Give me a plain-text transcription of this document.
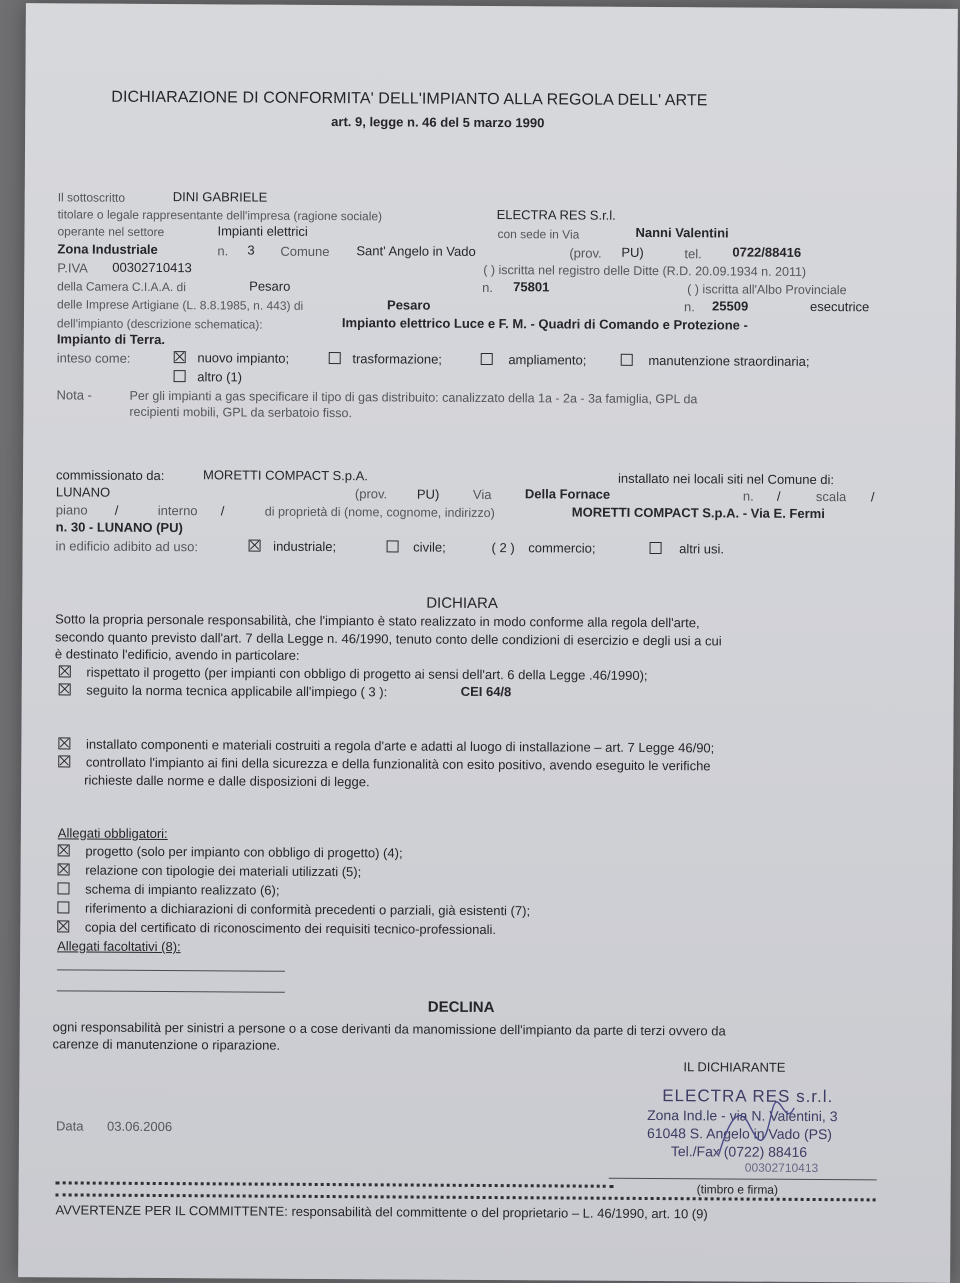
DICHIARAZIONE DI CONFORMITA' DELL'IMPIANTO ALLA REGOLA DELL' ARTE
art. 9, legge n. 46 del 5 marzo 1990
Il sottoscritto	DINI GABRIELE
titolare o legale rappresentante dell'impresa (ragione sociale)	ELECTRA RES S.r.l.
operante nel settore	Impianti elettrici	con sede in Via	Nanni Valentini
Zona Industriale	n. 3 Comune Sant' Angelo in Vado	(prov. PU)	tel. 0722/88416
P.IVA 00302710413	( ) iscritta nel registro delle Ditte (R.D. 20.09.1934 n. 2011)
della Camera C.I.A.A. di	Pesaro	n. 75801	( ) iscritta all'Albo Provinciale
delle Imprese Artigiane (L. 8.8.1985, n. 443) di	Pesaro	n. 25509	esecutrice
dell'impianto (descrizione schematica):	Impianto elettrico Luce e F. M. - Quadri di Comando e Protezione -
Impianto di Terra.
inteso come:	nuovo impianto;	trasformazione;	ampliamento;	manutenzione straordinaria;
altro (1)
Nota -	Per gli impianti a gas specificare il tipo di gas distribuito: canalizzato della 1a - 2a - 3a famiglia, GPL da
recipienti mobili, GPL da serbatoio fisso.
commissionato da:	MORETTI COMPACT S.p.A.	installato nei locali siti nel Comune di:
LUNANO	(prov. PU)	Via	Della Fornace	n. /	scala /
piano /	interno /	di proprietà di (nome, cognome, indirizzo)	MORETTI COMPACT S.p.A. - Via E. Fermi
n. 30 - LUNANO (PU)
in edificio adibito ad uso:	industriale;	civile;	( 2 ) commercio;	altri usi.
DICHIARA
Sotto la propria personale responsabilità, che l'impianto è stato realizzato in modo conforme alla regola dell'arte,
secondo quanto previsto dall'art. 7 della Legge n. 46/1990, tenuto conto delle condizioni di esercizio e degli usi a cui
è destinato l'edificio, avendo in particolare:
rispettato il progetto (per impianti con obbligo di progetto ai sensi dell'art. 6 della Legge .46/1990);
seguito la norma tecnica applicabile all'impiego ( 3 ):	CEI 64/8
installato componenti e materiali costruiti a regola d'arte e adatti al luogo di installazione – art. 7 Legge 46/90;
controllato l'impianto ai fini della sicurezza e della funzionalità con esito positivo, avendo eseguito le verifiche
richieste dalle norme e dalle disposizioni di legge.
Allegati obbligatori:
progetto (solo per impianto con obbligo di progetto) (4);
relazione con tipologie dei materiali utilizzati (5);
schema di impianto realizzato (6);
riferimento a dichiarazioni di conformità precedenti o parziali, già esistenti (7);
copia del certificato di riconoscimento dei requisiti tecnico-professionali.
Allegati facoltativi (8):
DECLINA
ogni responsabilità per sinistri a persone o a cose derivanti da manomissione dell'impianto da parte di terzi ovvero da
carenze di manutenzione o riparazione.
IL DICHIARANTE
Data 03.06.2006
ELECTRA RES s.r.l.
Zona Ind.le - via N. Valentini, 3
61048 S. Angelo in Vado (PS)
Tel./Fax (0722) 88416
00302710413
(timbro e firma)
AVVERTENZE PER IL COMMITTENTE: responsabilità del committente o del proprietario – L. 46/1990, art. 10 (9)
